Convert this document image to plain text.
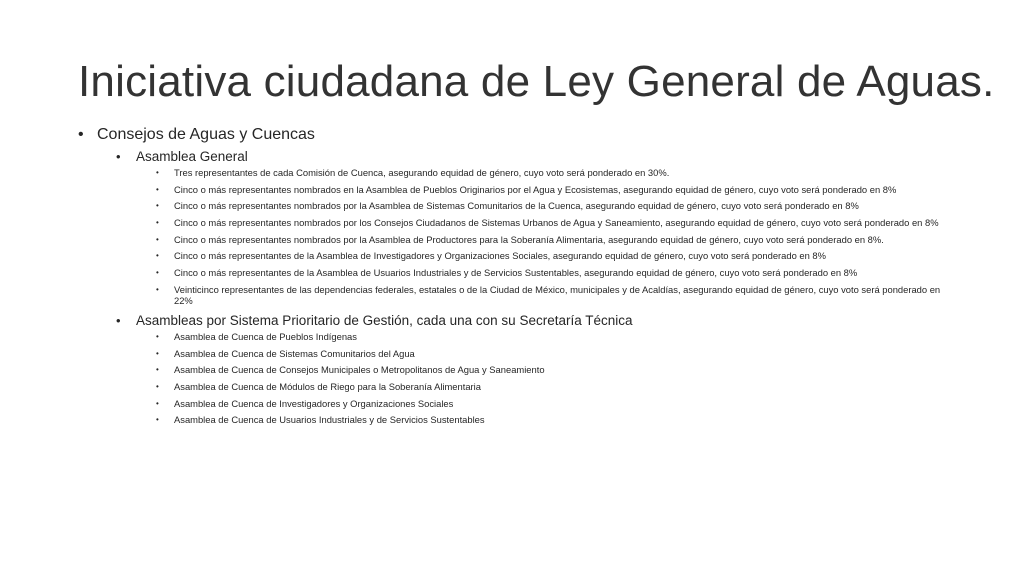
Iniciativa ciudadana de Ley General de Aguas.
• Consejos de Aguas y Cuencas
• Asamblea General
• Tres representantes de cada Comisión de Cuenca, asegurando equidad de género, cuyo voto será ponderado en 30%.
• Cinco o más representantes nombrados en la Asamblea de Pueblos Originarios por el Agua y Ecosistemas, asegurando equidad de género, cuyo voto será ponderado en 8%
• Cinco o más representantes nombrados por la Asamblea de Sistemas Comunitarios de la Cuenca, asegurando equidad de género, cuyo voto será ponderado en 8%
• Cinco o más representantes nombrados por los Consejos Ciudadanos de Sistemas Urbanos de Agua y Saneamiento, asegurando equidad de género, cuyo voto será ponderado en 8%
• Cinco o más representantes nombrados por la Asamblea de Productores para la Soberanía Alimentaria, asegurando equidad de género, cuyo voto será ponderado en 8%.
• Cinco o más representantes de la Asamblea de Investigadores y Organizaciones Sociales, asegurando equidad de género, cuyo voto será ponderado en 8%
• Cinco o más representantes de la Asamblea de Usuarios Industriales y de Servicios Sustentables, asegurando equidad de género, cuyo voto será ponderado en 8%
• Veinticinco representantes de las dependencias federales, estatales o de la Ciudad de México, municipales y de Acaldías, asegurando equidad de género, cuyo voto será ponderado en 22%
• Asambleas por Sistema Prioritario de Gestión, cada una con su Secretaría Técnica
• Asamblea de Cuenca de Pueblos Indígenas
• Asamblea de Cuenca de Sistemas Comunitarios del Agua
• Asamblea de Cuenca de Consejos Municipales o Metropolitanos de Agua y Saneamiento
• Asamblea de Cuenca de Módulos de Riego para la Soberanía Alimentaria
• Asamblea de Cuenca de Investigadores y Organizaciones Sociales
• Asamblea de Cuenca de Usuarios Industriales y de Servicios Sustentables
